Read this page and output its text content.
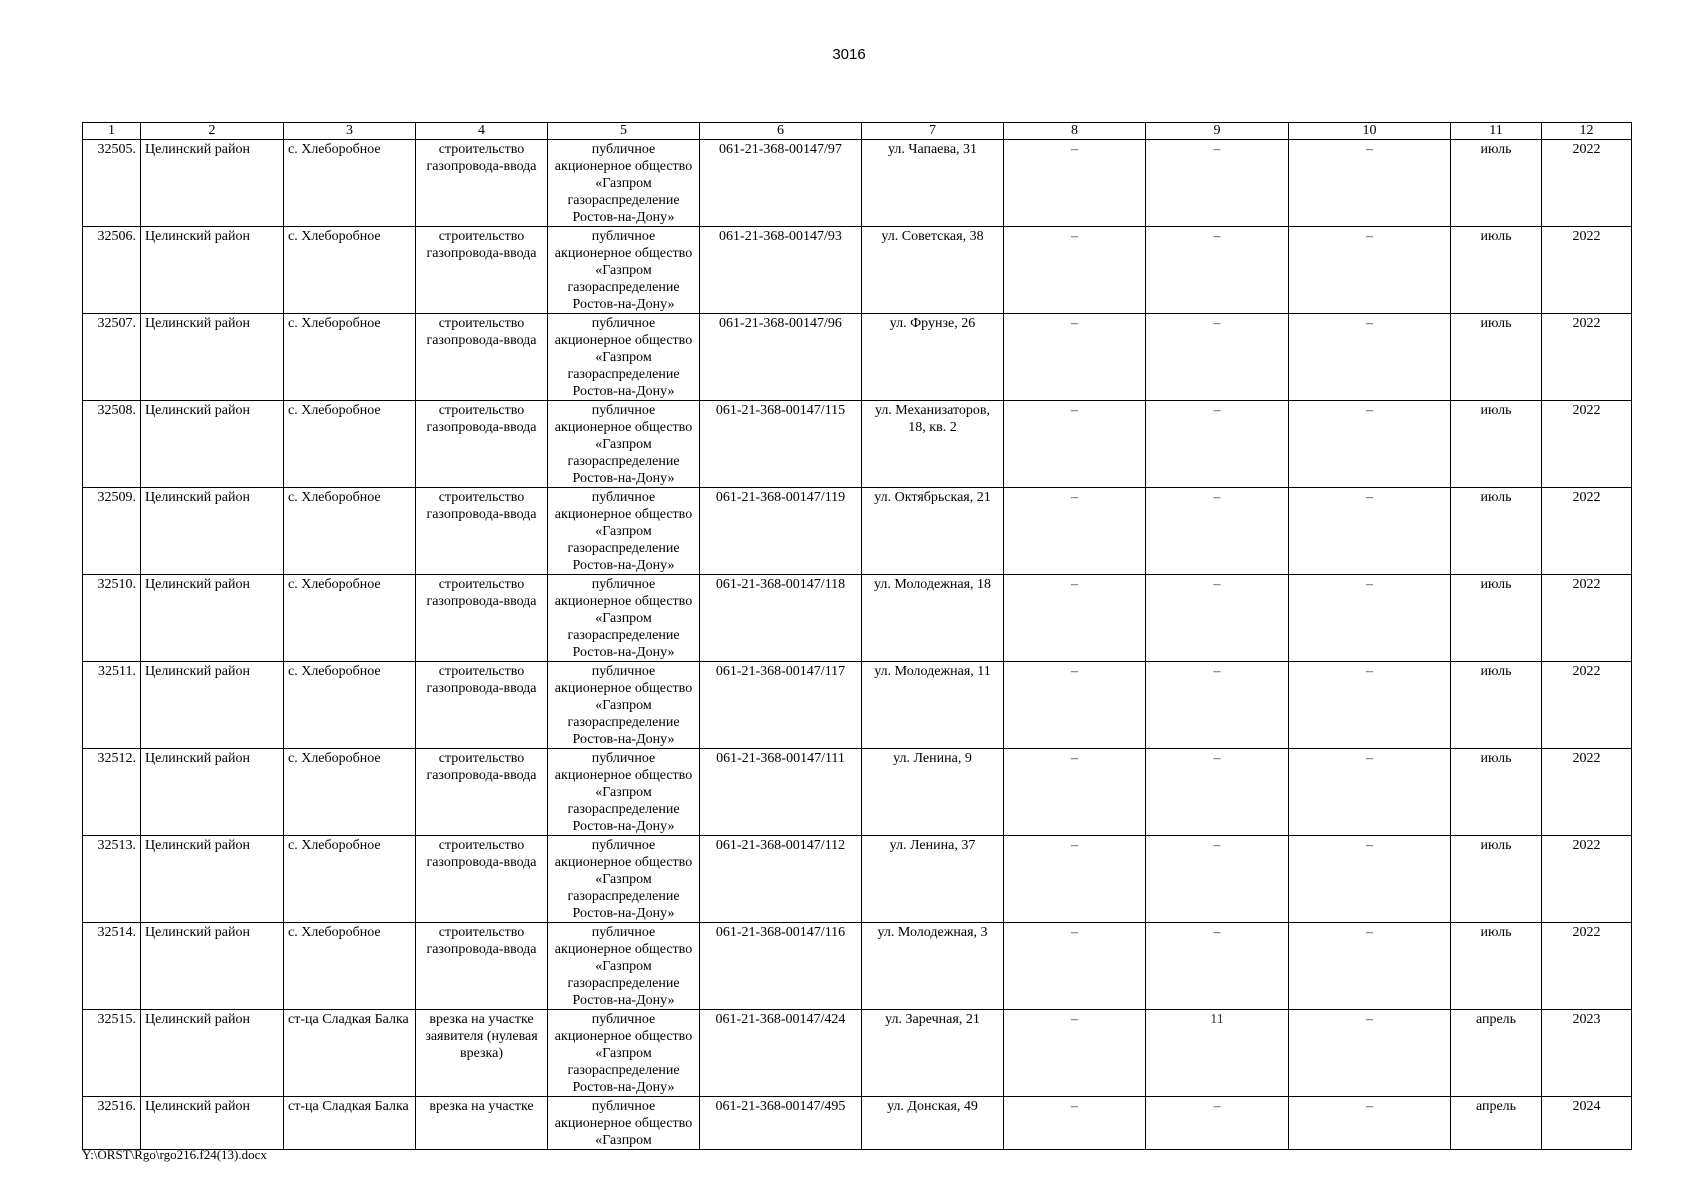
3016
1	2	3	4	5	6	7	8	9	10	11	12
32505.	Целинский район	с. Хлеборобное	строительство газопровода-ввода	публичное акционерное общество «Газпром газораспределение Ростов-на-Дону»	061-21-368-00147/97	ул. Чапаева, 31	–	–	–	июль	2022
32506.	Целинский район	с. Хлеборобное	строительство газопровода-ввода	публичное акционерное общество «Газпром газораспределение Ростов-на-Дону»	061-21-368-00147/93	ул. Советская, 38	–	–	–	июль	2022
32507.	Целинский район	с. Хлеборобное	строительство газопровода-ввода	публичное акционерное общество «Газпром газораспределение Ростов-на-Дону»	061-21-368-00147/96	ул. Фрунзе, 26	–	–	–	июль	2022
32508.	Целинский район	с. Хлеборобное	строительство газопровода-ввода	публичное акционерное общество «Газпром газораспределение Ростов-на-Дону»	061-21-368-00147/115	ул. Механизаторов, 18, кв. 2	–	–	–	июль	2022
32509.	Целинский район	с. Хлеборобное	строительство газопровода-ввода	публичное акционерное общество «Газпром газораспределение Ростов-на-Дону»	061-21-368-00147/119	ул. Октябрьская, 21	–	–	–	июль	2022
32510.	Целинский район	с. Хлеборобное	строительство газопровода-ввода	публичное акционерное общество «Газпром газораспределение Ростов-на-Дону»	061-21-368-00147/118	ул. Молодежная, 18	–	–	–	июль	2022
32511.	Целинский район	с. Хлеборобное	строительство газопровода-ввода	публичное акционерное общество «Газпром газораспределение Ростов-на-Дону»	061-21-368-00147/117	ул. Молодежная, 11	–	–	–	июль	2022
32512.	Целинский район	с. Хлеборобное	строительство газопровода-ввода	публичное акционерное общество «Газпром газораспределение Ростов-на-Дону»	061-21-368-00147/111	ул. Ленина, 9	–	–	–	июль	2022
32513.	Целинский район	с. Хлеборобное	строительство газопровода-ввода	публичное акционерное общество «Газпром газораспределение Ростов-на-Дону»	061-21-368-00147/112	ул. Ленина, 37	–	–	–	июль	2022
32514.	Целинский район	с. Хлеборобное	строительство газопровода-ввода	публичное акционерное общество «Газпром газораспределение Ростов-на-Дону»	061-21-368-00147/116	ул. Молодежная, 3	–	–	–	июль	2022
32515.	Целинский район	ст-ца Сладкая Балка	врезка на участке заявителя (нулевая врезка)	публичное акционерное общество «Газпром газораспределение Ростов-на-Дону»	061-21-368-00147/424	ул. Заречная, 21	–	11	–	апрель	2023
32516.	Целинский район	ст-ца Сладкая Балка	врезка на участке	публичное акционерное общество «Газпром	061-21-368-00147/495	ул. Донская, 49	–	–	–	апрель	2024
Y:\ORST\Rgo\rgo216.f24(13).docx
